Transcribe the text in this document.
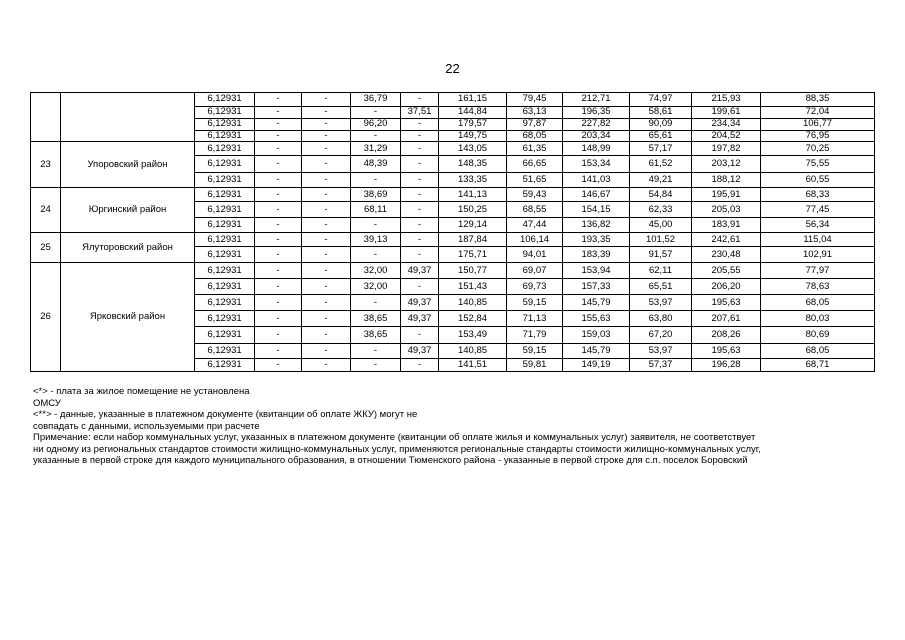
22
		6,12931	-	-	36,79	-	161,15	79,45	212,71	74,97	215,93	88,35
		6,12931	-	-	-	37,51	144,84	63,13	196,35	58,61	199,61	72,04
		6,12931	-	-	96,20	-	179,57	97,87	227,82	90,09	234,34	106,77
		6,12931	-	-	-	-	149,75	68,05	203,34	65,61	204,52	76,95
23	Упоровский район	6,12931	-	-	31,29	-	143,05	61,35	148,99	57,17	197,82	70,25
		6,12931	-	-	48,39	-	148,35	66,65	153,34	61,52	203,12	75,55
		6,12931	-	-	-	-	133,35	51,65	141,03	49,21	188,12	60,55
24	Юргинский район	6,12931	-	-	38,69	-	141,13	59,43	146,67	54,84	195,91	68,33
		6,12931	-	-	68,11	-	150,25	68,55	154,15	62,33	205,03	77,45
		6,12931	-	-	-	-	129,14	47,44	136,82	45,00	183,91	56,34
25	Ялуторовский район	6,12931	-	-	39,13	-	187,84	106,14	193,35	101,52	242,61	115,04
		6,12931	-	-	-	-	175,71	94,01	183,39	91,57	230,48	102,91
26	Ярковский район	6,12931	-	-	32,00	49,37	150,77	69,07	153,94	62,11	205,55	77,97
		6,12931	-	-	32,00	-	151,43	69,73	157,33	65,51	206,20	78,63
		6,12931	-	-	-	49,37	140,85	59,15	145,79	53,97	195,63	68,05
		6,12931	-	-	38,65	49,37	152,84	71,13	155,63	63,80	207,61	80,03
		6,12931	-	-	38,65	-	153,49	71,79	159,03	67,20	208,26	80,69
		6,12931	-	-	-	49,37	140,85	59,15	145,79	53,97	195,63	68,05
		6,12931	-	-	-	-	141,51	59,81	149,19	57,37	196,28	68,71
<*> - плата за жилое помещение не установлена
ОМСУ
<**> - данные, указанные в платежном документе (квитанции об оплате ЖКУ) могут не
совпадать с данными, используемыми при расчете
Примечание: если набор коммунальных услуг, указанных в платежном документе (квитанции об оплате жилья и коммунальных услуг) заявителя, не соответствует
ни одному из региональных стандартов стоимости жилищно-коммунальных услуг, применяются региональные стандарты стоимости жилищно-коммунальных услуг,
указанные в первой строке для каждого муниципального образования, в отношении Тюменского района - указанные в первой строке для с.п. поселок Боровский
